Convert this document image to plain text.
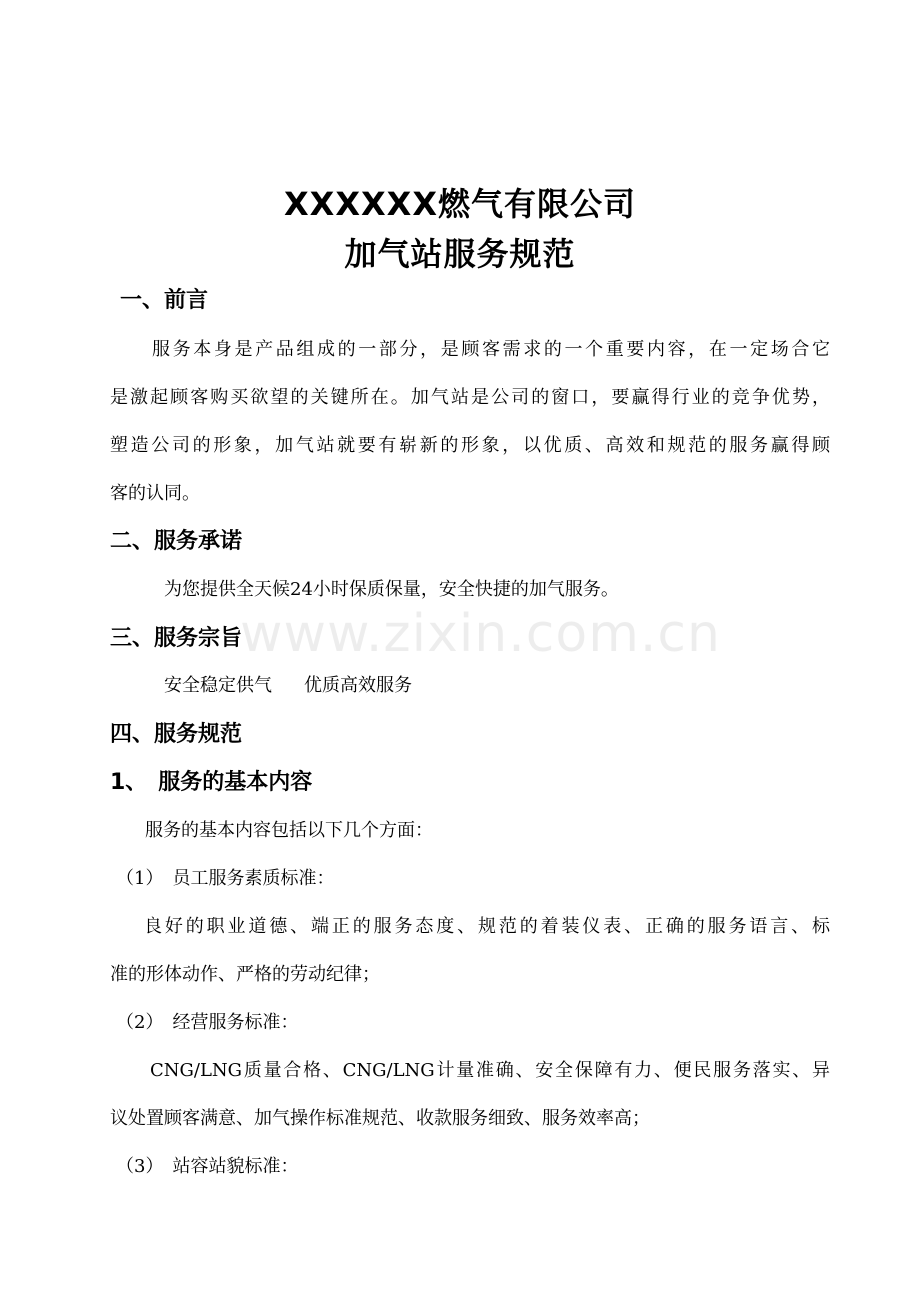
XXXXXX燃气有限公司
加气站服务规范
一、前言
服务本身是产品组成的一部分，是顾客需求的一个重要内容，在一定场合它
是激起顾客购买欲望的关键所在。加气站是公司的窗口，要赢得行业的竞争优势，
塑造公司的形象，加气站就要有崭新的形象，以优质、高效和规范的服务赢得顾
客的认同。
二、服务承诺
为您提供全天候24小时保质保量，安全快捷的加气服务。
www.zixin.com.cn
三、服务宗旨
安全稳定供气 优质高效服务
四、服务规范
1、　服务的基本内容
服务的基本内容包括以下几个方面：
（1）　员工服务素质标准：
良好的职业道德、端正的服务态度、规范的着装仪表、正确的服务语言、标
准的形体动作、严格的劳动纪律；
（2）　经营服务标准：
CNG/LNG质量合格、CNG/LNG计量准确、安全保障有力、便民服务落实、异
议处置顾客满意、加气操作标准规范、收款服务细致、服务效率高；
（3）　站容站貌标准：
